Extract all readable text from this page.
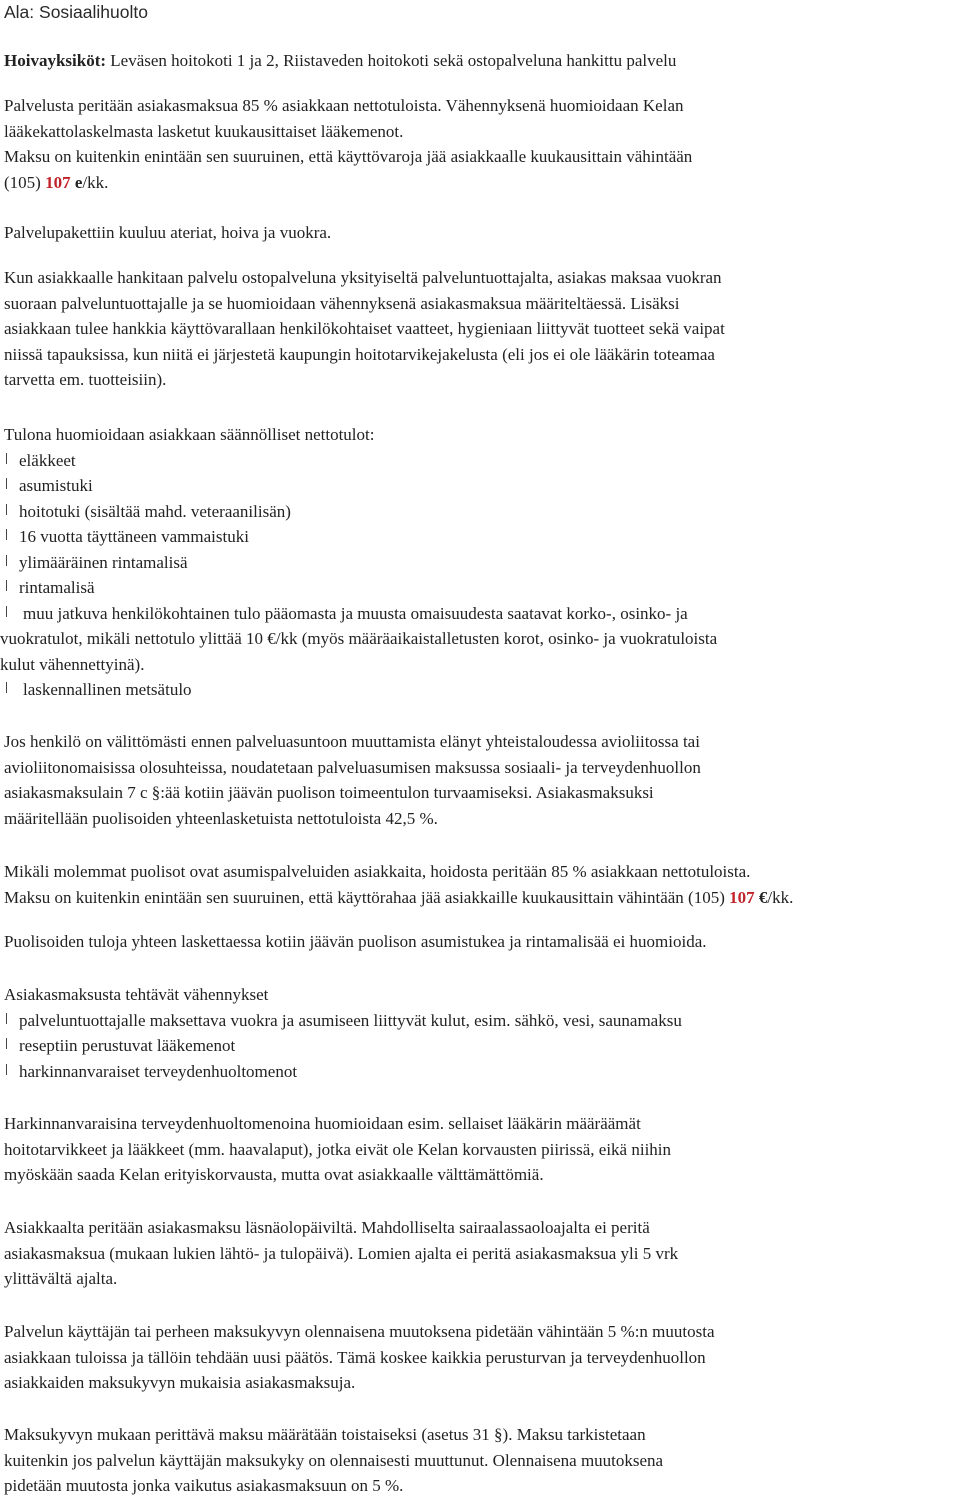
Ala: Sosiaalihuolto
Hoivayksiköt: Leväsen hoitokoti 1 ja 2, Riistaveden hoitokoti sekä ostopalveluna hankittu palvelu
Palvelusta peritään asiakasmaksua 85 % asiakkaan nettotuloista. Vähennyksenä huomioidaan Kelan
lääkekattolaskelmasta lasketut kuukausittaiset lääkemenot.
Maksu on kuitenkin enintään sen suuruinen, että käyttövaroja jää asiakkaalle kuukausittain vähintään
(105) 107 e/kk.
Palvelupakettiin kuuluu ateriat, hoiva ja vuokra.
Kun asiakkaalle hankitaan palvelu ostopalveluna yksityiseltä palveluntuottajalta, asiakas maksaa vuokran
suoraan palveluntuottajalle ja se huomioidaan vähennyksenä asiakasmaksua määriteltäessä. Lisäksi
asiakkaan tulee hankkia käyttövarallaan henkilökohtaiset vaatteet, hygieniaan liittyvät tuotteet sekä vaipat
niissä tapauksissa, kun niitä ei järjestetä kaupungin hoitotarvikejakelusta (eli jos ei ole lääkärin toteamaa
tarvetta em. tuotteisiin).
Tulona huomioidaan asiakkaan säännölliset nettotulot:
eläkkeet
asumistuki
hoitotuki (sisältää mahd. veteraanilisän)
16 vuotta täyttäneen vammaistuki
ylimääräinen rintamalisä
rintamalisä
muu jatkuva henkilökohtainen tulo pääomasta ja muusta omaisuudesta saatavat korko-, osinko- ja
vuokratulot, mikäli nettotulo ylittää 10 €/kk (myös määräaikaistalletusten korot, osinko- ja vuokratuloista
kulut vähennettyinä).
laskennallinen metsätulo
Jos henkilö on välittömästi ennen palveluasuntoon muuttamista elänyt yhteistaloudessa avioliitossa tai
avioliitonomaisissa olosuhteissa, noudatetaan palveluasumisen maksussa sosiaali- ja terveydenhuollon
asiakasmaksulain 7 c §:ää kotiin jäävän puolison toimeentulon turvaamiseksi. Asiakasmaksuksi
määritellään puolisoiden yhteenlasketuista nettotuloista 42,5 %.
Mikäli molemmat puolisot ovat asumispalveluiden asiakkaita, hoidosta peritään 85 % asiakkaan nettotuloista.
Maksu on kuitenkin enintään sen suuruinen, että käyttörahaa jää asiakkaille kuukausittain vähintään (105) 107 €/kk.
Puolisoiden tuloja yhteen laskettaessa kotiin jäävän puolison asumistukea ja rintamalisää ei huomioida.
Asiakasmaksusta tehtävät vähennykset
palveluntuottajalle maksettava vuokra ja asumiseen liittyvät kulut, esim. sähkö, vesi, saunamaksu
reseptiin perustuvat lääkemenot
harkinnanvaraiset terveydenhuoltomenot
Harkinnanvaraisina terveydenhuoltomenoina huomioidaan esim. sellaiset lääkärin määräämät
hoitotarvikkeet ja lääkkeet (mm. haavalaput), jotka eivät ole Kelan korvausten piirissä, eikä niihin
myöskään saada Kelan erityiskorvausta, mutta ovat asiakkaalle välttämättömiä.
Asiakkaalta peritään asiakasmaksu läsnäolopäiviltä. Mahdolliselta sairaalassaoloajalta ei peritä
asiakasmaksua (mukaan lukien lähtö- ja tulopäivä). Lomien ajalta ei peritä asiakasmaksua yli 5 vrk
ylittävältä ajalta.
Palvelun käyttäjän tai perheen maksukyvyn olennaisena muutoksena pidetään vähintään 5 %:n muutosta
asiakkaan tuloissa ja tällöin tehdään uusi päätös. Tämä koskee kaikkia perusturvan ja terveydenhuollon
asiakkaiden maksukyvyn mukaisia asiakasmaksuja.
Maksukyvyn mukaan perittävä maksu määrätään toistaiseksi (asetus 31 §). Maksu tarkistetaan
kuitenkin jos palvelun käyttäjän maksukyky on olennaisesti muuttunut. Olennaisena muutoksena
pidetään muutosta jonka vaikutus asiakasmaksuun on 5 %.
